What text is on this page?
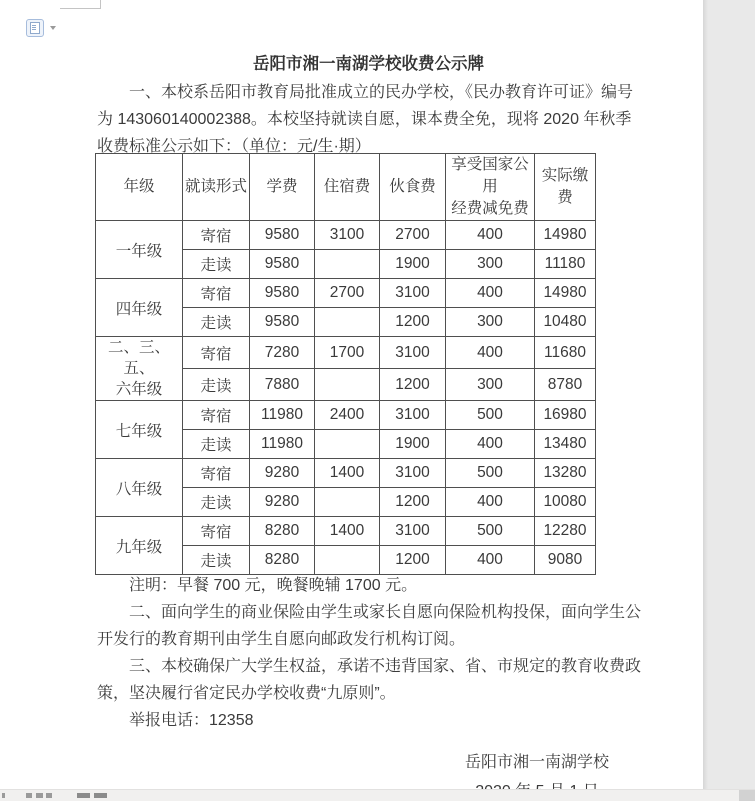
岳阳市湘一南湖学校收费公示牌
一、本校系岳阳市教育局批准成立的民办学校，《民办教育许可证》编号
为 143060140002388。本校坚持就读自愿，课本费全免，现将 2020 年秋季
收费标准公示如下：（单位：元/生·期）
年级	就读形式	学费	住宿费	伙食费	享受国家公用
经费减免费	实际缴费

一年级	寄宿	9580	3100	2700	400	14980
	走读	9580		1900	300	11180
四年级	寄宿	9580	2700	3100	400	14980
	走读	9580		1200	300	10480

二、三、五、
六年级	寄宿	7280	1700	3100	400	11680
	走读	7880		1200	300	8780
七年级	寄宿	11980	2400	3100	500	16980
	走读	11980		1900	400	13480
八年级	寄宿	9280	1400	3100	500	13280
	走读	9280		1200	400	10080
九年级	寄宿	8280	1400	3100	500	12280
	走读	8280		1200	400	9080
注明：早餐 700 元，晚餐晚辅 1700 元。
二、面向学生的商业保险由学生或家长自愿向保险机构投保，面向学生公
开发行的教育期刊由学生自愿向邮政发行机构订阅。
三、本校确保广大学生权益，承诺不违背国家、省、市规定的教育收费政
策，坚决履行省定民办学校收费“九原则”。
举报电话：12358
岳阳市湘一南湖学校
